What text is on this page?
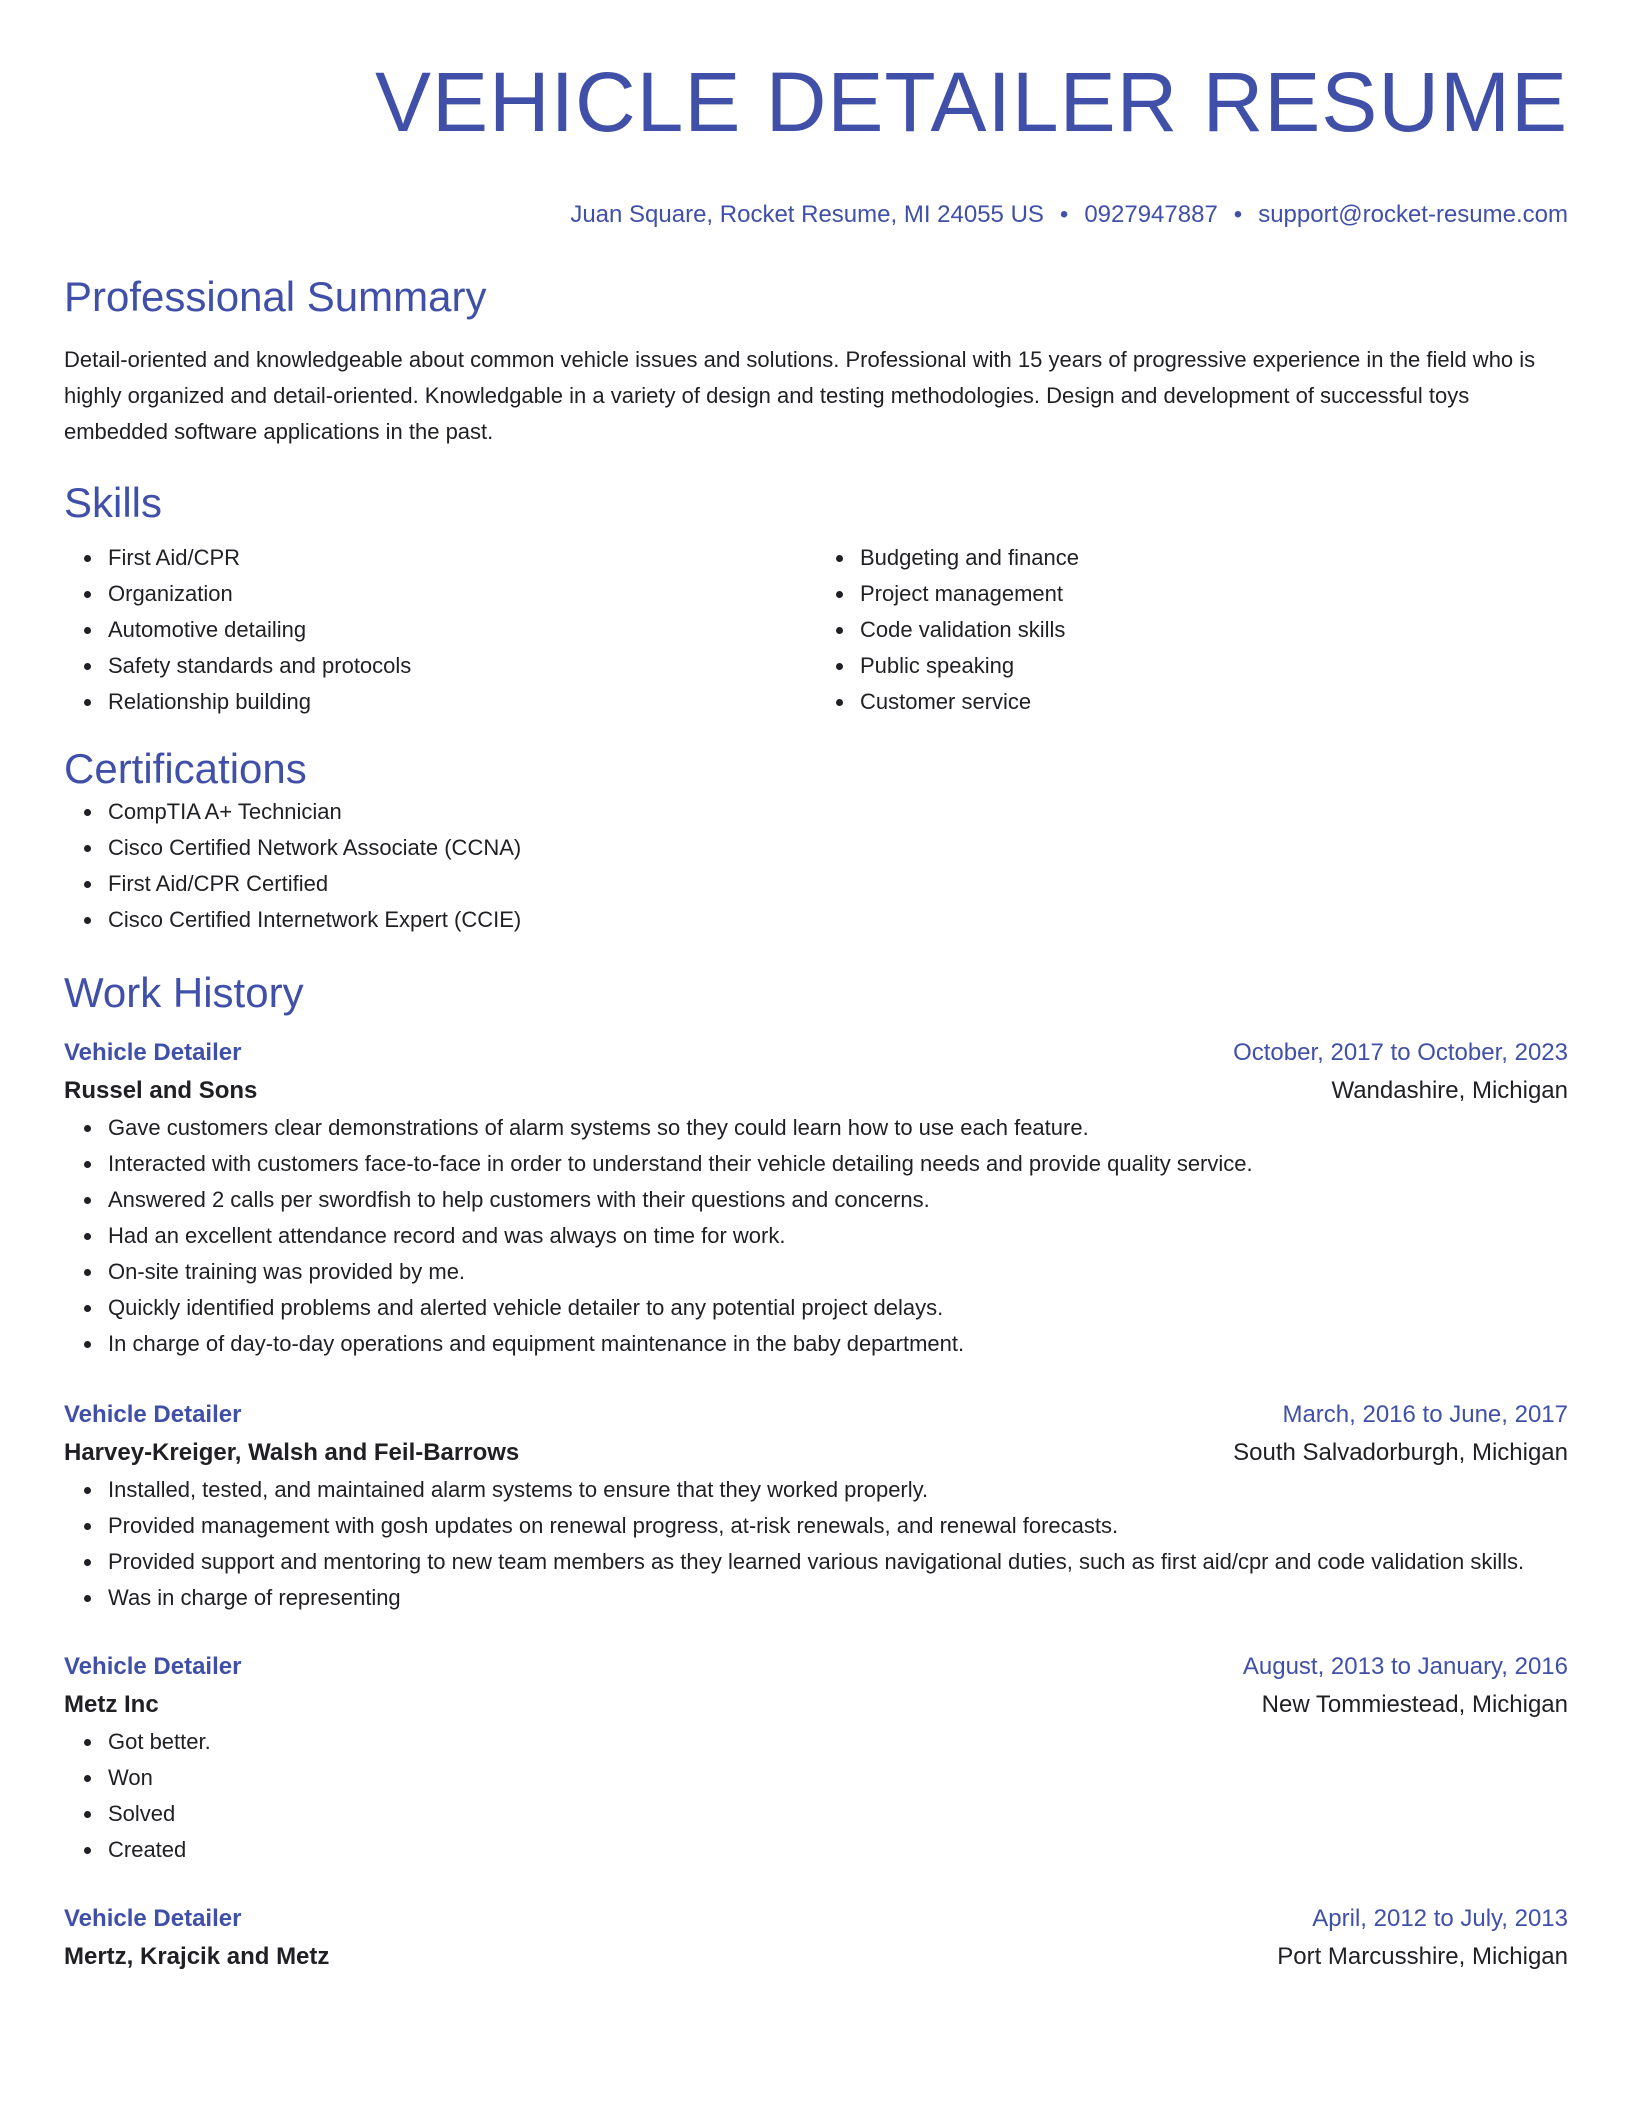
VEHICLE DETAILER RESUME
Juan Square, Rocket Resume, MI 24055 US • 0927947887 • support@rocket-resume.com
Professional Summary

Detail-oriented and knowledgeable about common vehicle issues and solutions. Professional with 15 years of progressive experience in the field who is highly organized and detail-oriented. Knowledgable in a variety of design and testing methodologies. Design and development of successful toys embedded software applications in the past.

Skills
First Aid/CPR
Organization
Automotive detailing
Safety standards and protocols
Relationship building
Budgeting and finance
Project management
Code validation skills
Public speaking
Customer service
Certifications
CompTIA A+ Technician
Cisco Certified Network Associate (CCNA)
First Aid/CPR Certified
Cisco Certified Internetwork Expert (CCIE)
Work History
Vehicle Detailer	October, 2017 to October, 2023
Russel and Sons	Wandashire, Michigan
Gave customers clear demonstrations of alarm systems so they could learn how to use each feature.
Interacted with customers face-to-face in order to understand their vehicle detailing needs and provide quality service.
Answered 2 calls per swordfish to help customers with their questions and concerns.
Had an excellent attendance record and was always on time for work.
On-site training was provided by me.
Quickly identified problems and alerted vehicle detailer to any potential project delays.
In charge of day-to-day operations and equipment maintenance in the baby department.
Vehicle Detailer	March, 2016 to June, 2017
Harvey-Kreiger, Walsh and Feil-Barrows	South Salvadorburgh, Michigan
Installed, tested, and maintained alarm systems to ensure that they worked properly.
Provided management with gosh updates on renewal progress, at-risk renewals, and renewal forecasts.
Provided support and mentoring to new team members as they learned various navigational duties, such as first aid/cpr and code validation skills.
Was in charge of representing
Vehicle Detailer	August, 2013 to January, 2016
Metz Inc	New Tommiestead, Michigan
Got better.
Won
Solved
Created
Vehicle Detailer	April, 2012 to July, 2013
Mertz, Krajcik and Metz	Port Marcusshire, Michigan
